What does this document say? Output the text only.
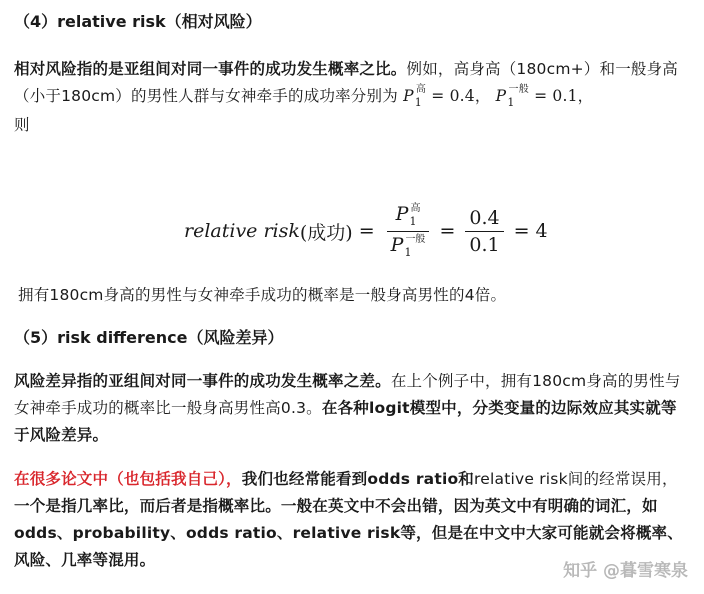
（4）relative risk（相对风险）
相对风险指的是亚组间对同一事件的成功发生概率之比。例如，高身高（180cm+）和一般身高（小于180cm）的男性人群与女神牵手的成功率分别为 $P_1^高 = 0.4$， $P_1^{一般} = 0.1$，
则
relative risk (成功) = $\frac{P_1^高}{P_1^{一般}} = \frac{0.4}{0.1} = 4$
拥有180cm身高的男性与女神牵手成功的概率是一般身高男性的4倍。
（5）risk difference（风险差异）
风险差异指的亚组间对同一事件的成功发生概率之差。在上个例子中，拥有180cm身高的男性与女神牵手成功的概率比一般身高男性高0.3。在各种logit模型中，分类变量的边际效应其实就等于风险差异。
在很多论文中（也包括我自己），我们也经常能看到odds ratio和relative risk间的经常误用，一个是指几率比，而后者是指概率比。一般在英文中不会出错，因为英文中有明确的词汇，如odds、probability、odds ratio、relative risk等，但是在中文中大家可能就会将概率、风险、几率等混用。
知乎 @暮雪寒泉
